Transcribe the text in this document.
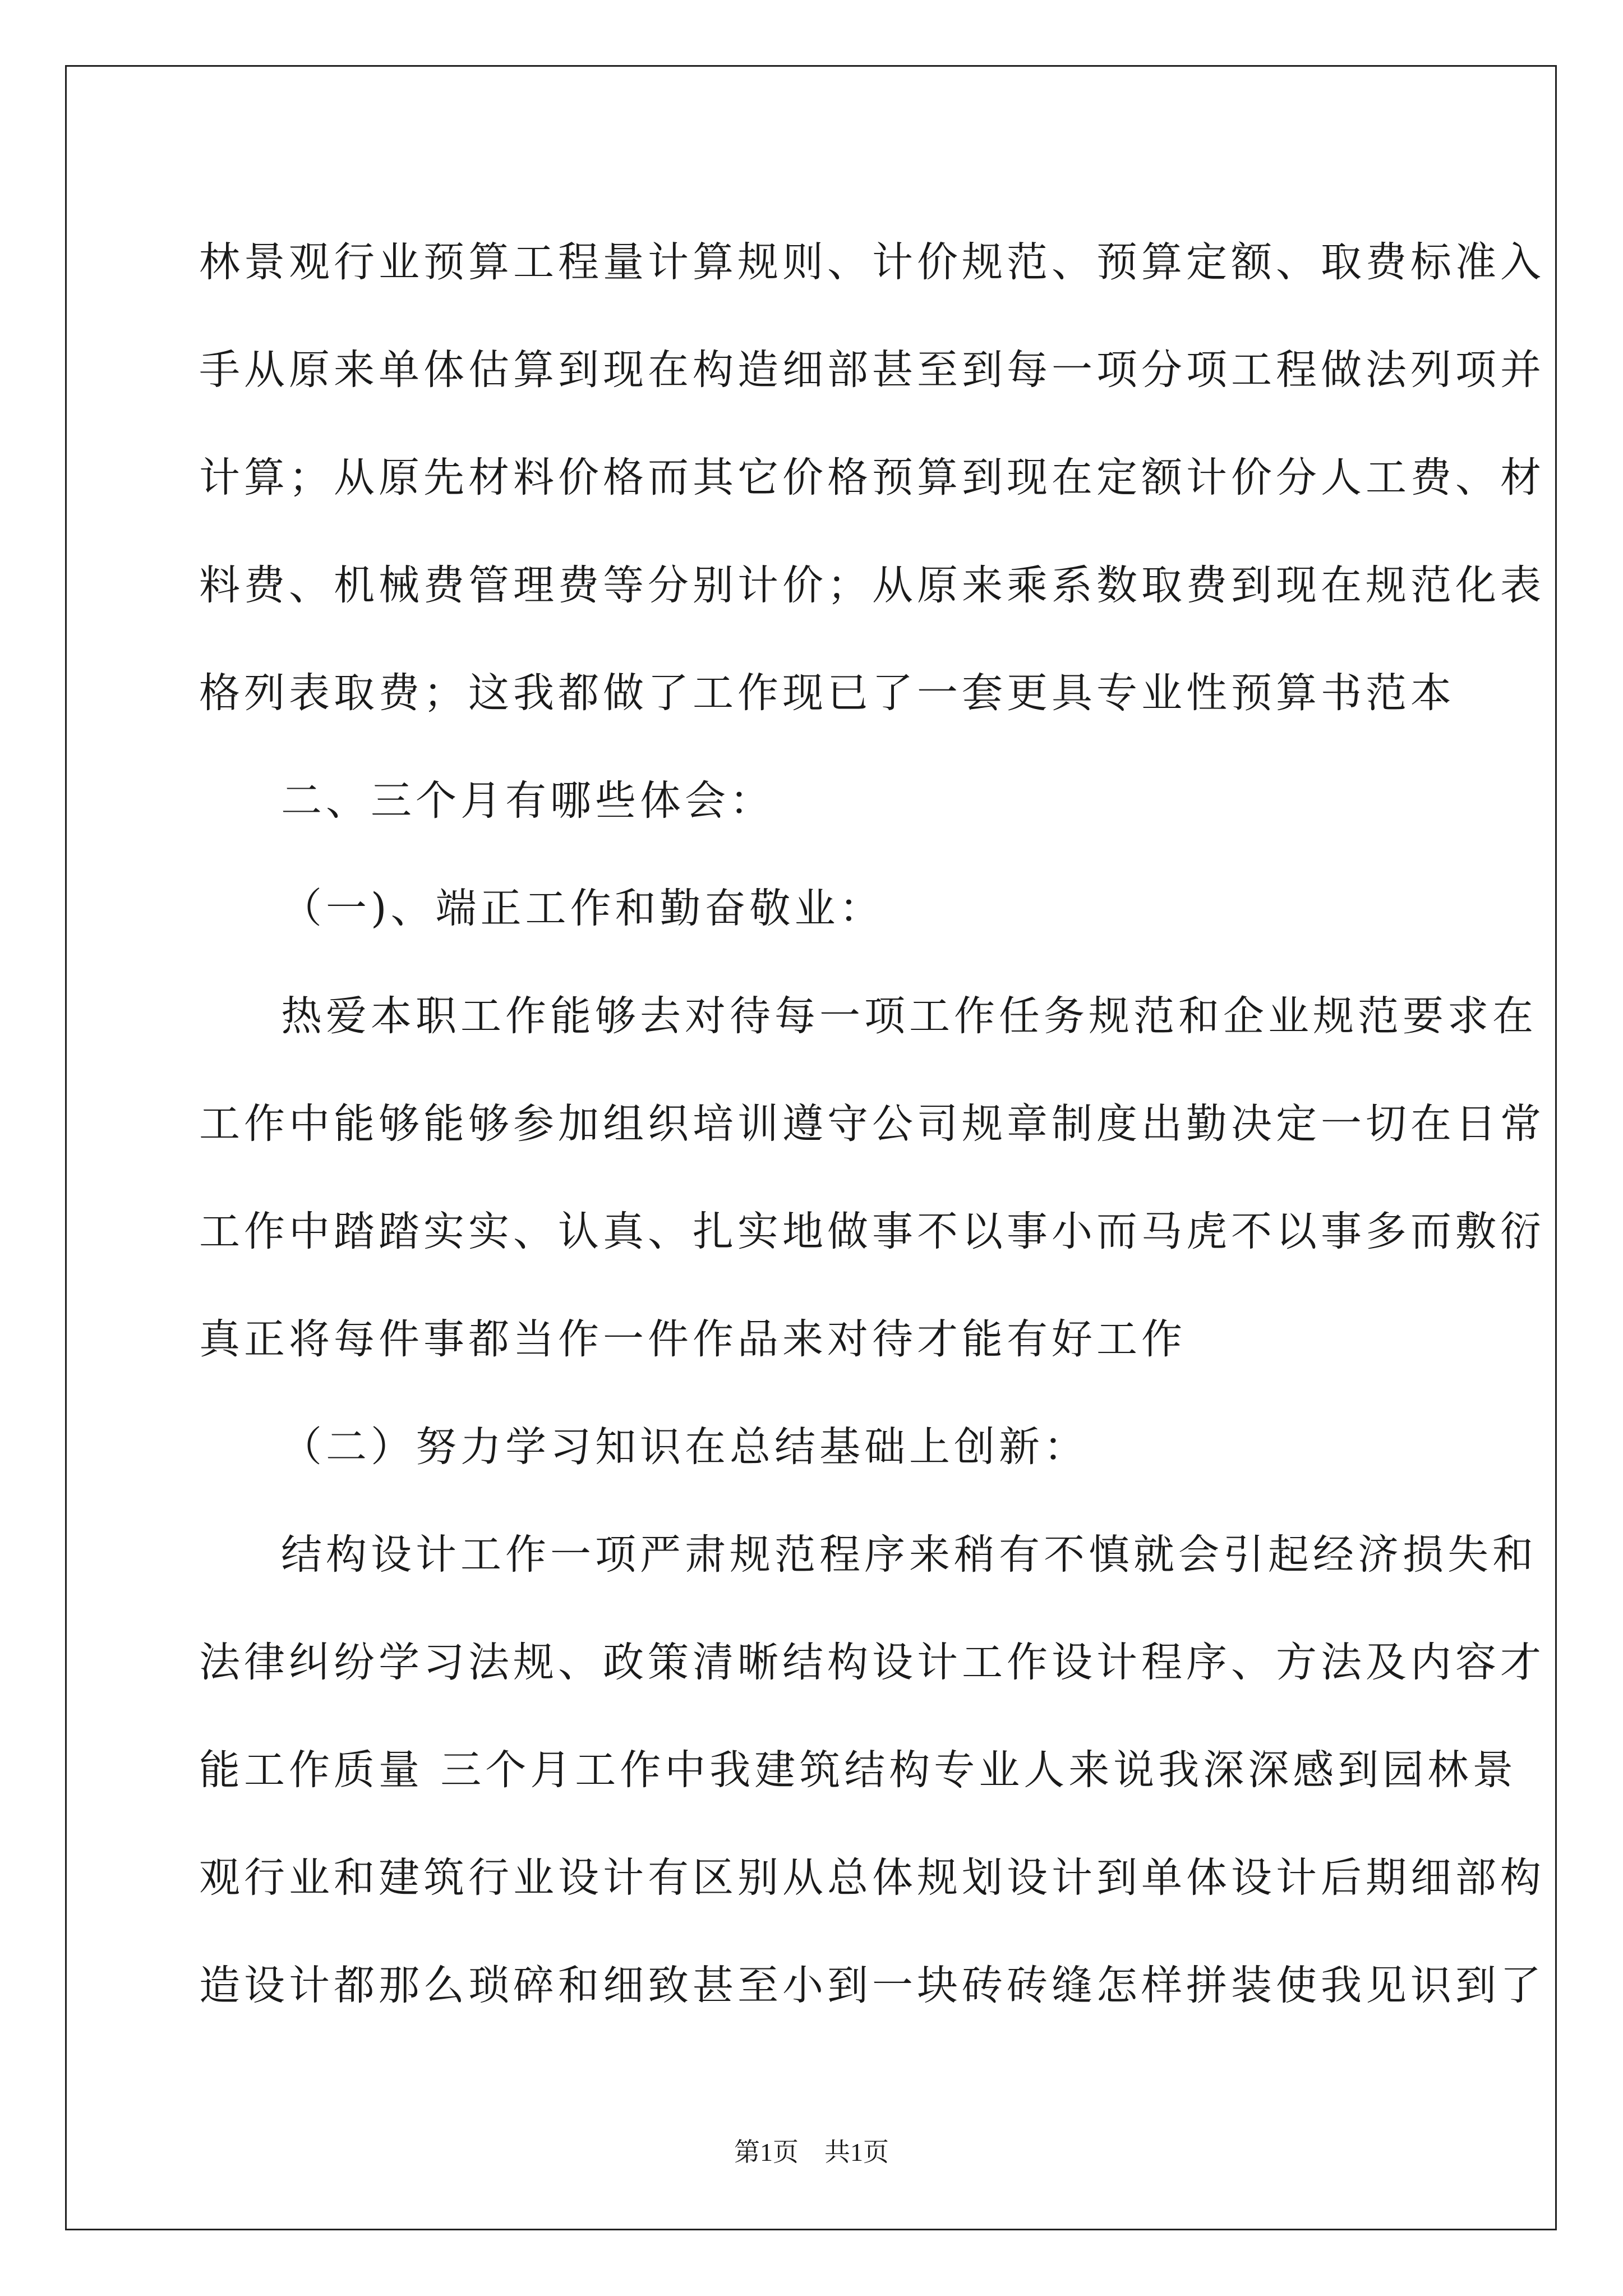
林景观行业预算工程量计算规则、计价规范、预算定额、取费标准入
手从原来单体估算到现在构造细部甚至到每一项分项工程做法列项并
计算；从原先材料价格而其它价格预算到现在定额计价分人工费、材
料费、机械费管理费等分别计价；从原来乘系数取费到现在规范化表
格列表取费；这我都做了工作现已了一套更具专业性预算书范本
二、三个月有哪些体会：
（一)、端正工作和勤奋敬业：
热爱本职工作能够去对待每一项工作任务规范和企业规范要求在
工作中能够能够参加组织培训遵守公司规章制度出勤决定一切在日常
工作中踏踏实实、认真、扎实地做事不以事小而马虎不以事多而敷衍
真正将每件事都当作一件作品来对待才能有好工作
（二）努力学习知识在总结基础上创新：
结构设计工作一项严肃规范程序来稍有不慎就会引起经济损失和
法律纠纷学习法规、政策清晰结构设计工作设计程序、方法及内容才
能工作质量 三个月工作中我建筑结构专业人来说我深深感到园林景
观行业和建筑行业设计有区别从总体规划设计到单体设计后期细部构
造设计都那么琐碎和细致甚至小到一块砖砖缝怎样拼装使我见识到了
第1页　共1页
